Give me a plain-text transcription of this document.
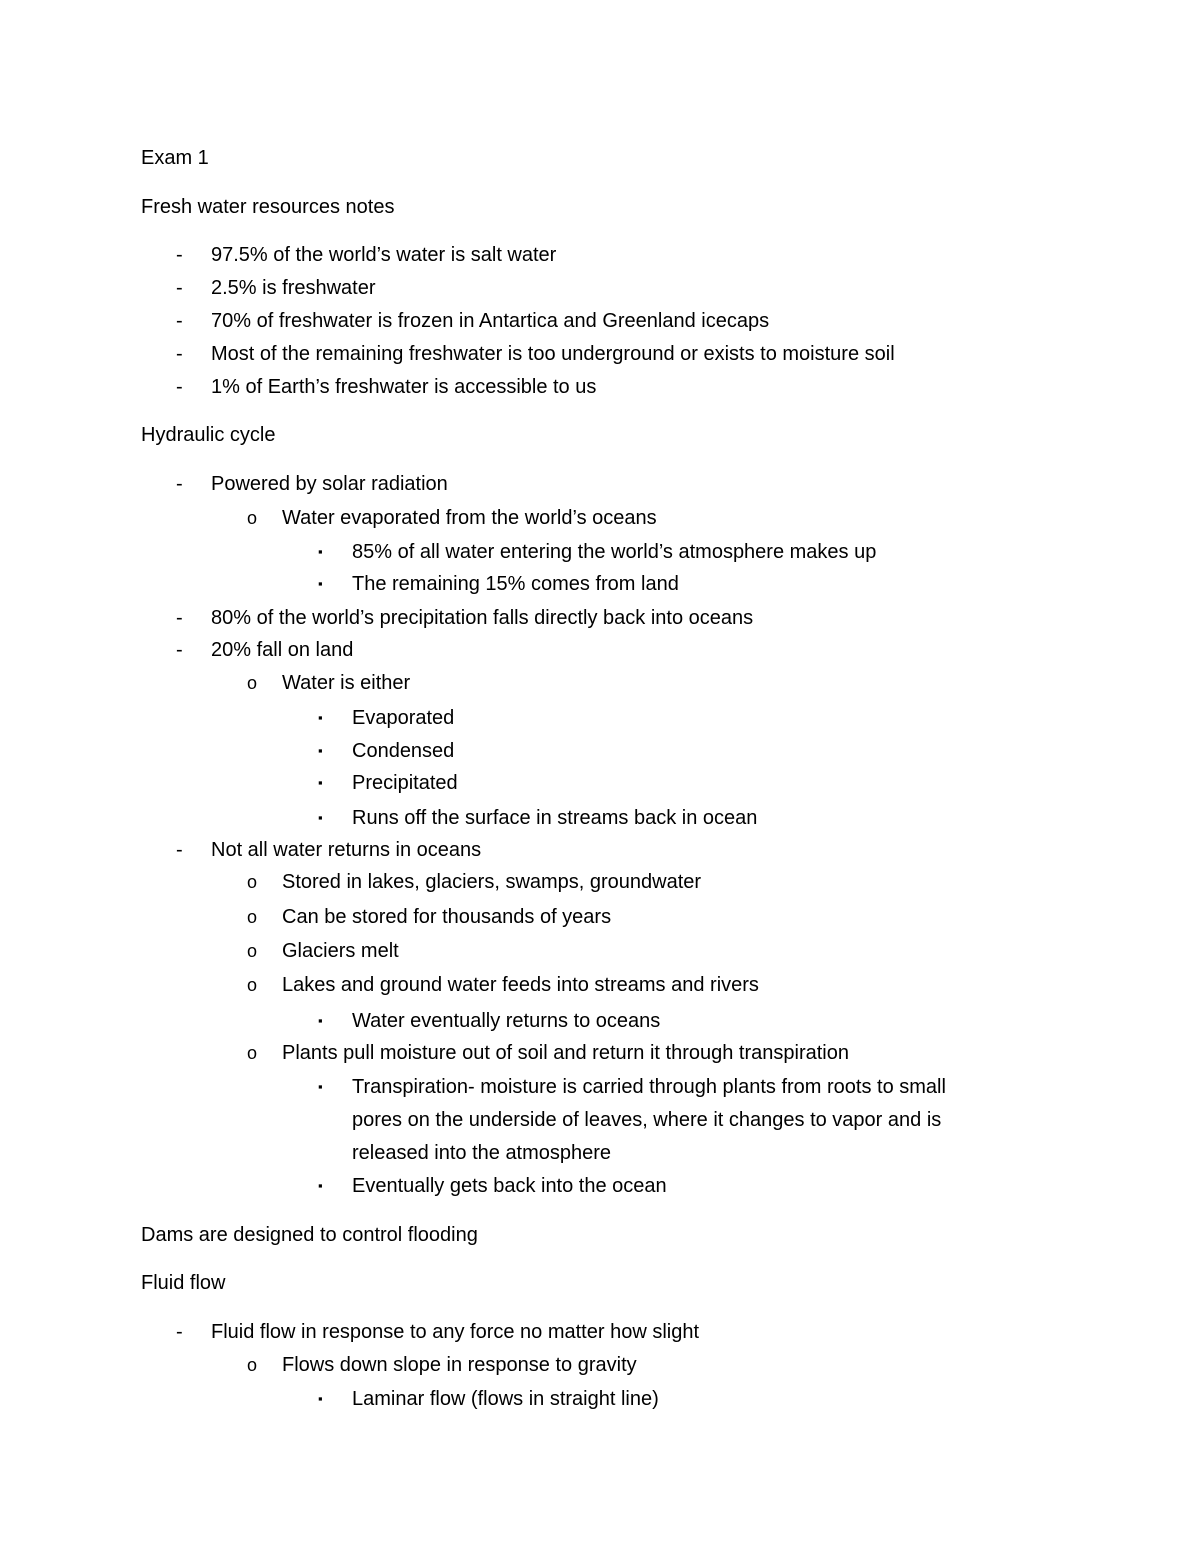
Exam 1
Fresh water resources notes
- 97.5% of the world’s water is salt water
- 2.5% is freshwater
- 70% of freshwater is frozen in Antartica and Greenland icecaps
- Most of the remaining freshwater is too underground or exists to moisture soil
- 1% of Earth’s freshwater is accessible to us
Hydraulic cycle
- Powered by solar radiation
o Water evaporated from the world’s oceans
▪ 85% of all water entering the world’s atmosphere makes up
▪ The remaining 15% comes from land
- 80% of the world’s precipitation falls directly back into oceans
- 20% fall on land
o Water is either
▪ Evaporated
▪ Condensed
▪ Precipitated
▪ Runs off the surface in streams back in ocean
- Not all water returns in oceans
o Stored in lakes, glaciers, swamps, groundwater
o Can be stored for thousands of years
o Glaciers melt
o Lakes and ground water feeds into streams and rivers
▪ Water eventually returns to oceans
o Plants pull moisture out of soil and return it through transpiration
▪ Transpiration- moisture is carried through plants from roots to small
pores on the underside of leaves, where it changes to vapor and is
released into the atmosphere
▪ Eventually gets back into the ocean
Dams are designed to control flooding
Fluid flow
- Fluid flow in response to any force no matter how slight
o Flows down slope in response to gravity
▪ Laminar flow (flows in straight line)
